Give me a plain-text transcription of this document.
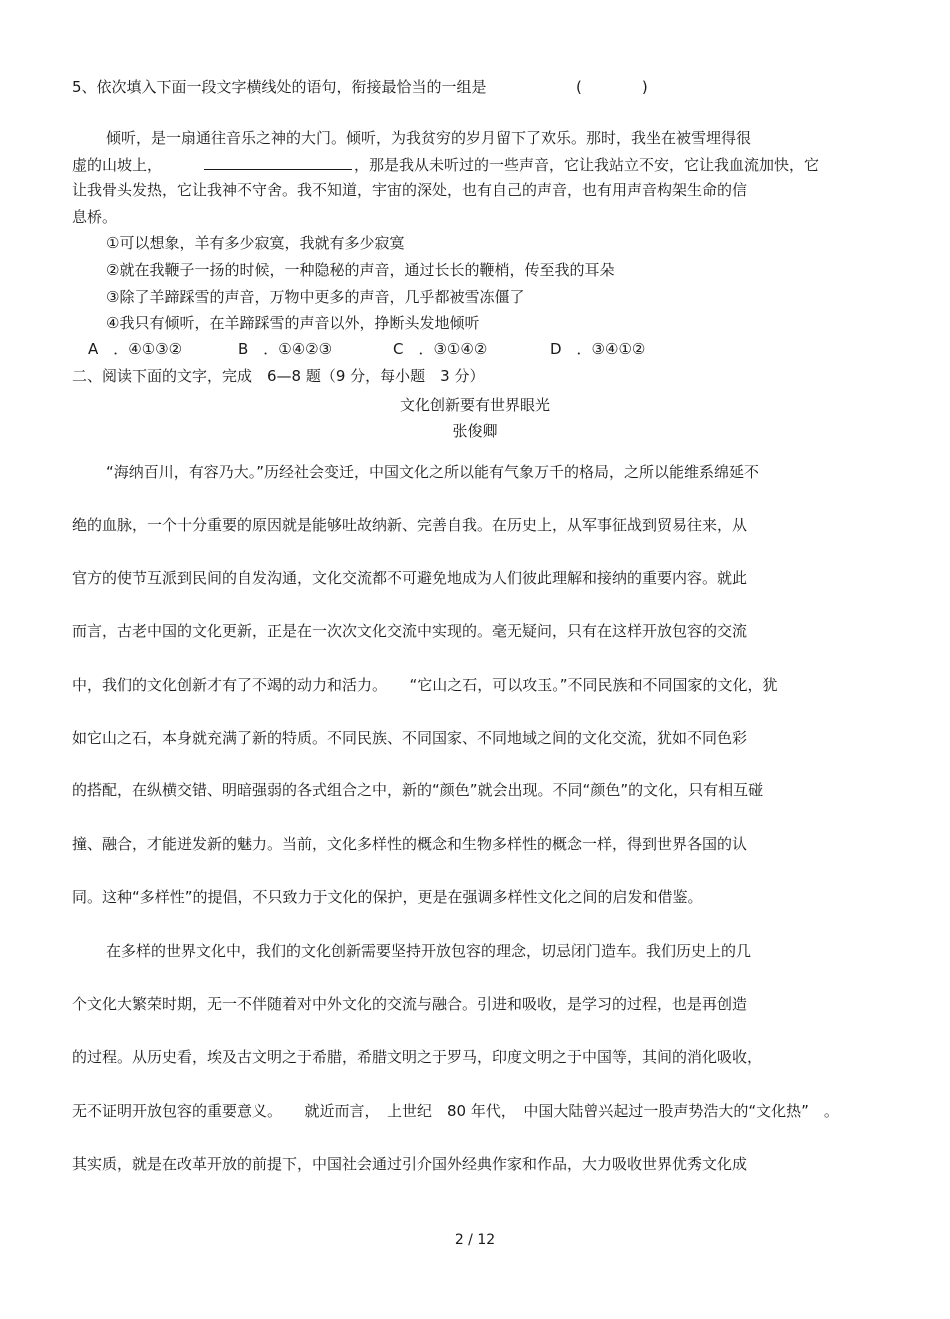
5、依次填入下面一段文字横线处的语句，衔接最恰当的一组是	(　　　　)
倾听，是一扇通往音乐之神的大门。倾听，为我贫穷的岁月留下了欢乐。那时，我坐在被雪埋得很
虚的山坡上，	，那是我从未听过的一些声音，它让我站立不安，它让我血流加快，它
让我骨头发热，它让我神不守舍。我不知道，宇宙的深处，也有自己的声音，也有用声音构架生命的信
息桥。
①可以想象，羊有多少寂寞，我就有多少寂寞
②就在我鞭子一扬的时候，一种隐秘的声音，通过长长的鞭梢，传至我的耳朵
③除了羊蹄踩雪的声音，万物中更多的声音，几乎都被雪冻僵了
④我只有倾听，在羊蹄踩雪的声音以外，挣断头发地倾听
A　．④①③②	B　．①④②③	C　．③①④②	D　．③④①②
二、阅读下面的文字，完成　6—8 题（9 分，每小题　3 分）
文化创新要有世界眼光
张俊卿
“海纳百川，有容乃大。”历经社会变迁，中国文化之所以能有气象万千的格局，之所以能维系绵延不
绝的血脉，一个十分重要的原因就是能够吐故纳新、完善自我。在历史上，从军事征战到贸易往来，从
官方的使节互派到民间的自发沟通，文化交流都不可避免地成为人们彼此理解和接纳的重要内容。就此
而言，古老中国的文化更新，正是在一次次文化交流中实现的。毫无疑问，只有在这样开放包容的交流
中，我们的文化创新才有了不竭的动力和活力。　　“它山之石，可以攻玉。”不同民族和不同国家的文化，犹
如它山之石，本身就充满了新的特质。不同民族、不同国家、不同地域之间的文化交流，犹如不同色彩
的搭配，在纵横交错、明暗强弱的各式组合之中，新的“颜色”就会出现。不同“颜色”的文化，只有相互碰
撞、融合，才能迸发新的魅力。当前，文化多样性的概念和生物多样性的概念一样，得到世界各国的认
同。这种“多样性”的提倡，不只致力于文化的保护，更是在强调多样性文化之间的启发和借鉴。
在多样的世界文化中，我们的文化创新需要坚持开放包容的理念，切忌闭门造车。我们历史上的几
个文化大繁荣时期，无一不伴随着对中外文化的交流与融合。引进和吸收，是学习的过程，也是再创造
的过程。从历史看，埃及古文明之于希腊，希腊文明之于罗马，印度文明之于中国等，其间的消化吸收，
无不证明开放包容的重要意义。　　就近而言，　上世纪　80 年代，　中国大陆曾兴起过一股声势浩大的“文化热”　。
其实质，就是在改革开放的前提下，中国社会通过引介国外经典作家和作品，大力吸收世界优秀文化成
2 / 12
